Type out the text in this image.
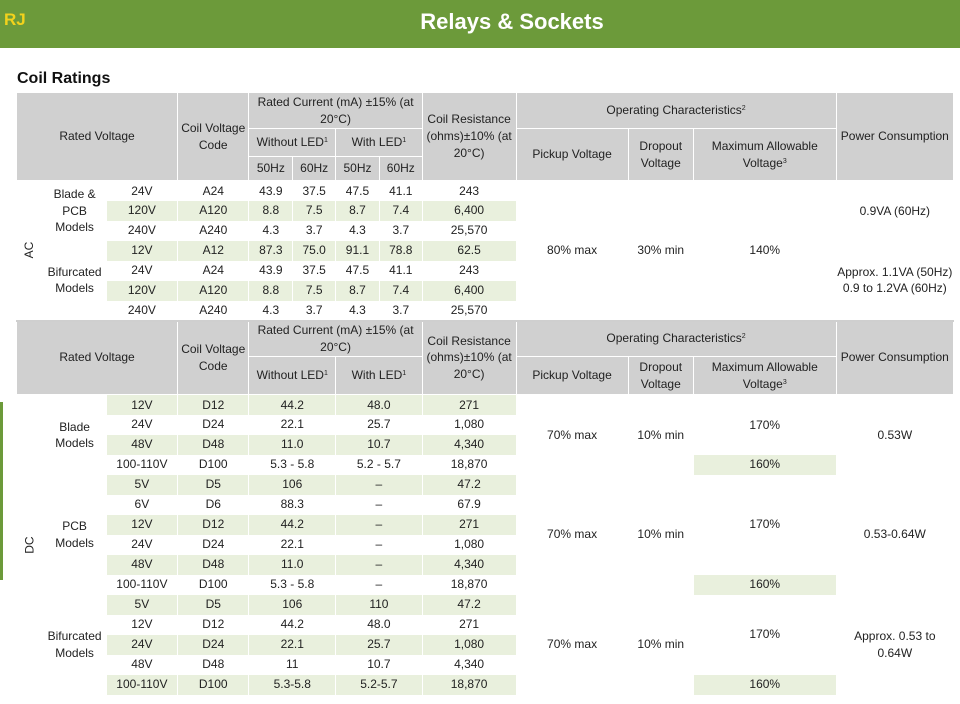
RJ	Relays & Sockets
Coil Ratings
Rated Voltage			Coil Voltage Code	Rated Current (mA) ±15% (at 20°C)				Coil Resistance (ohms)±10% (at 20°C)	Operating Characteristics$^2$			Power Consumption
				Without LED$^1$		With LED$^1$			Pickup Voltage	Dropout Voltage	Maximum Allowable Voltage$^3$
				50Hz	60Hz	50Hz	60Hz					
AC	Blade & PCB Models	24V	A24	43.9	37.5	47.5	41.1	243	80% max	30% min	140%	0.9VA (60Hz)
		120V	A120	8.8	7.5	8.7	7.4	6,400				
		240V	A240	4.3	3.7	4.3	3.7	25,570				
	Bifurcated Models	12V	A12	87.3	75.0	91.1	78.8	62.5				Approx. 1.1VA (50Hz) 0.9 to 1.2VA (60Hz)
		24V	A24	43.9	37.5	47.5	41.1	243				
		120V	A120	8.8	7.5	8.7	7.4	6,400				
		240V	A240	4.3	3.7	4.3	3.7	25,570				
Rated Voltage			Coil Voltage Code	Rated Current (mA) ±15% (at 20°C)				Coil Resistance (ohms)±10% (at 20°C)	Operating Characteristics$^2$			Power Consumption
				Without LED$^1$		With LED$^1$			Pickup Voltage	Dropout Voltage	Maximum Allowable Voltage$^3$
DC	Blade Models	12V	D12	44.2		48.0		271	70% max	10% min	170%	0.53W
		24V	D24	22.1		25.7		1,080				
		48V	D48	11.0		10.7		4,340				
		100-110V	D100	5.3 - 5.8		5.2 - 5.7		18,870			160%	
	PCB Models	5V	D5	106		–		47.2	70% max	10% min	170%	0.53-0.64W
		6V	D6	88.3		–		67.9				
		12V	D12	44.2		–		271				
		24V	D24	22.1		–		1,080				
		48V	D48	11.0		–		4,340				
		100-110V	D100	5.3 - 5.8		–		18,870			160%	
	Bifurcated Models	5V	D5	106		110		47.2	70% max	10% min	170%	Approx. 0.53 to 0.64W
		12V	D12	44.2		48.0		271				
		24V	D24	22.1		25.7		1,080				
		48V	D48	11		10.7		4,340				
		100-110V	D100	5.3-5.8		5.2-5.7		18,870			160%	
